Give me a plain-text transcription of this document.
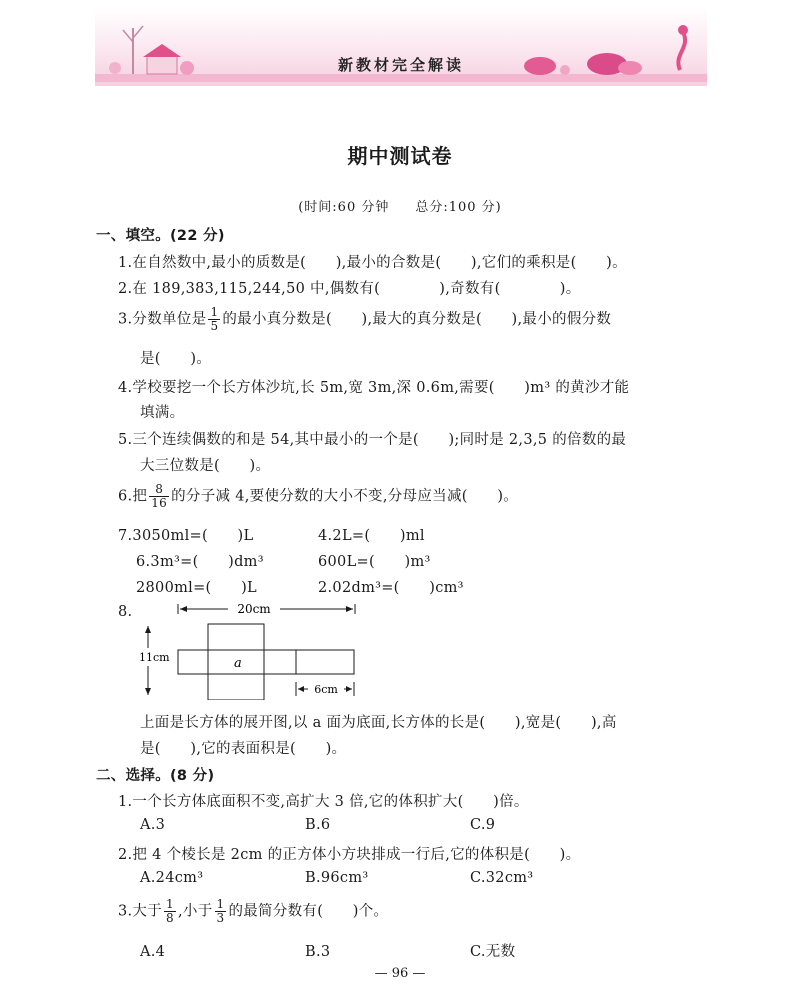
新教材完全解读
期中测试卷
(时间:60 分钟 总分:100 分)
一、填空。(22 分)
1.在自然数中,最小的质数是(　　),最小的合数是(　　),它们的乘积是(　　)。
2.在 189,383,115,244,50 中,偶数有(　　　　),奇数有(　　　　)。
3.分数单位是 $\frac{1}{5}$ 的最小真分数是(　　),最大的真分数是(　　),最小的假分数
是(　　)。
4.学校要挖一个长方体沙坑,长 5m,宽 3m,深 0.6m,需要(　　)m³ 的黄沙才能
填满。
5.三个连续偶数的和是 54,其中最小的一个是(　　);同时是 2,3,5 的倍数的最
大三位数是(　　)。
6.把 $\frac{8}{16}$ 的分子减 4,要使分数的大小不变,分母应当减(　　)。
7.3050ml=(　　)L	4.2L=(　　)ml
6.3m³=(　　)dm³	600L=(　　)m³
2800ml=(　　)L	2.02dm³=(　　)cm³
8.	20cm
11cm	a
6cm
上面是长方体的展开图,以 a 面为底面,长方体的长是(　　),宽是(　　),高
是(　　),它的表面积是(　　)。
二、选择。(8 分)
1.一个长方体底面积不变,高扩大 3 倍,它的体积扩大(　　)倍。
A.3	B.6	C.9
2.把 4 个棱长是 2cm 的正方体小方块排成一行后,它的体积是(　　)。
A.24cm³	B.96cm³	C.32cm³
3.大于 $\frac{1}{8}$ ,小于 $\frac{1}{3}$ 的最简分数有(　　)个。
A.4	B.3	C.无数
— 96 —
